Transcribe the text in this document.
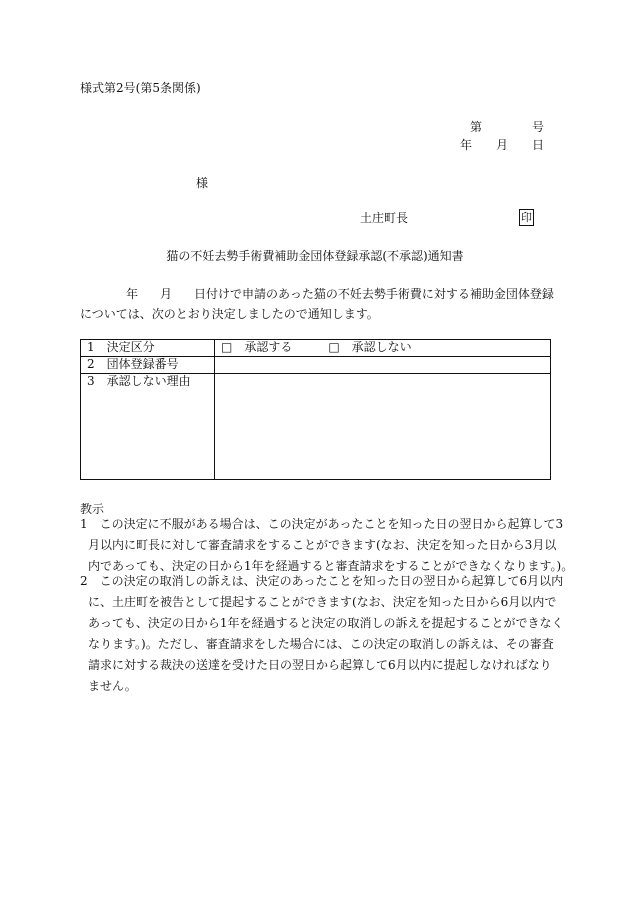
様式第2号(第5条関係)
第	号
年 月 日
様
土庄町長	印
猫の不妊去勢手術費補助金団体登録承認(不承認)通知書
年 月 日付けで申請のあった猫の不妊去勢手術費に対する補助金団体登録
については、次のとおり決定しましたので通知します。
1　決定区分	□　承認する　　　□　承認しない
2　団体登録番号	
3　承認しない理由	
教示
1　この決定に不服がある場合は、この決定があったことを知った日の翌日から起算して3
月以内に町長に対して審査請求をすることができます(なお、決定を知った日から3月以
内であっても、決定の日から1年を経過すると審査請求をすることができなくなります。)。
2　この決定の取消しの訴えは、決定のあったことを知った日の翌日から起算して6月以内
に、土庄町を被告として提起することができます(なお、決定を知った日から6月以内で
あっても、決定の日から1年を経過すると決定の取消しの訴えを提起することができなく
なります。)。ただし、審査請求をした場合には、この決定の取消しの訴えは、その審査
請求に対する裁決の送達を受けた日の翌日から起算して6月以内に提起しなければなり
ません。
